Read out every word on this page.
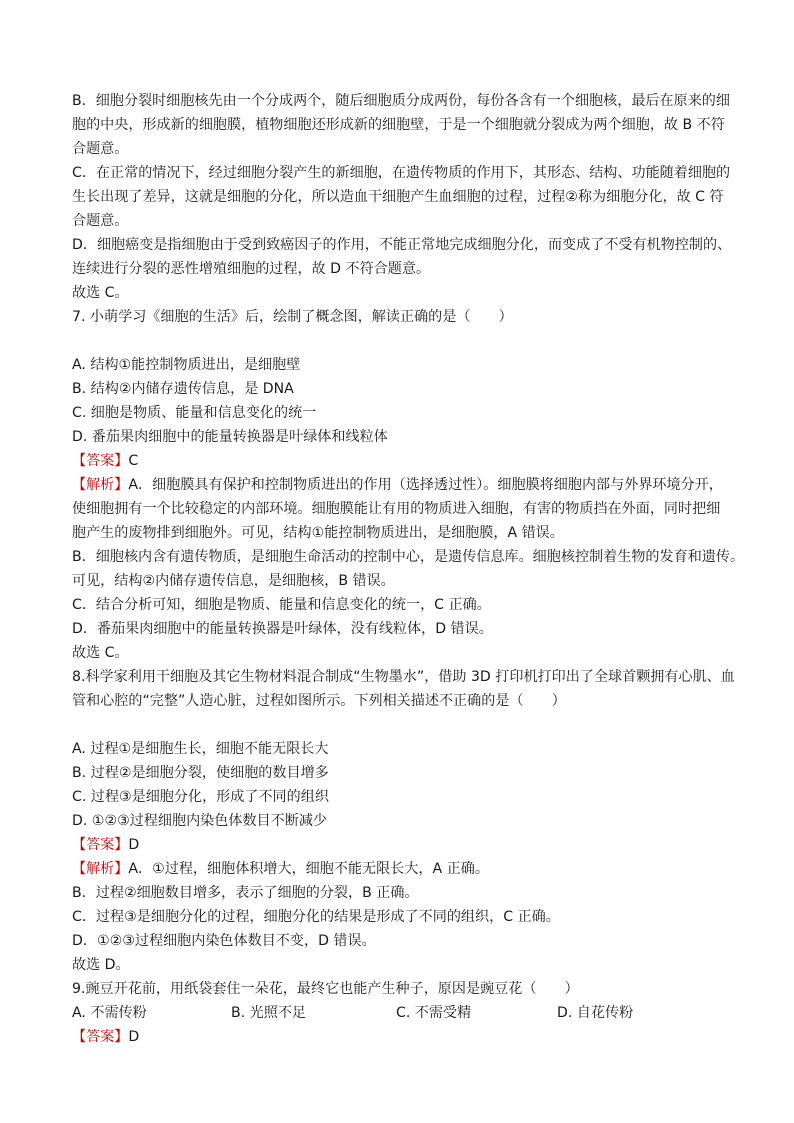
B．细胞分裂时细胞核先由一个分成两个，随后细胞质分成两份，每份各含有一个细胞核，最后在原来的细
胞的中央，形成新的细胞膜，植物细胞还形成新的细胞壁，于是一个细胞就分裂成为两个细胞，故 B 不符
合题意。
C．在正常的情况下，经过细胞分裂产生的新细胞，在遗传物质的作用下，其形态、结构、功能随着细胞的
生长出现了差异，这就是细胞的分化，所以造血干细胞产生血细胞的过程，过程②称为细胞分化，故 C 符
合题意。
D．细胞癌变是指细胞由于受到致癌因子的作用，不能正常地完成细胞分化，而变成了不受有机物控制的、
连续进行分裂的恶性增殖细胞的过程，故 D 不符合题意。
故选 C。
7. 小萌学习《细胞的生活》后，绘制了概念图，解读正确的是（　　）
A. 结构①能控制物质进出，是细胞壁
B. 结构②内储存遗传信息，是 DNA
C. 细胞是物质、能量和信息变化的统一
D. 番茄果肉细胞中的能量转换器是叶绿体和线粒体
【答案】C
【解析】A．细胞膜具有保护和控制物质进出的作用（选择透过性）。细胞膜将细胞内部与外界环境分开，
使细胞拥有一个比较稳定的内部环境。细胞膜能让有用的物质进入细胞，有害的物质挡在外面，同时把细
胞产生的废物排到细胞外。可见，结构①能控制物质进出，是细胞膜，A 错误。
B．细胞核内含有遗传物质，是细胞生命活动的控制中心，是遗传信息库。细胞核控制着生物的发育和遗传。
可见，结构②内储存遗传信息，是细胞核，B 错误。
C．结合分析可知，细胞是物质、能量和信息变化的统一，C 正确。
D．番茄果肉细胞中的能量转换器是叶绿体，没有线粒体，D 错误。
故选 C。
8.科学家利用干细胞及其它生物材料混合制成“生物墨水”，借助 3D 打印机打印出了全球首颗拥有心肌、血
管和心腔的“完整”人造心脏，过程如图所示。下列相关描述不正确的是（　　）
A. 过程①是细胞生长，细胞不能无限长大
B. 过程②是细胞分裂，使细胞的数目增多
C. 过程③是细胞分化，形成了不同的组织
D. ①②③过程细胞内染色体数目不断减少
【答案】D
【解析】A．①过程，细胞体积增大，细胞不能无限长大，A 正确。
B．过程②细胞数目增多，表示了细胞的分裂，B 正确。
C．过程③是细胞分化的过程，细胞分化的结果是形成了不同的组织，C 正确。
D．①②③过程细胞内染色体数目不变，D 错误。
故选 D。
9.豌豆开花前，用纸袋套住一朵花，最终它也能产生种子，原因是豌豆花（　　）
A. 不需传粉	B. 光照不足	C. 不需受精	D. 自花传粉
【答案】D
